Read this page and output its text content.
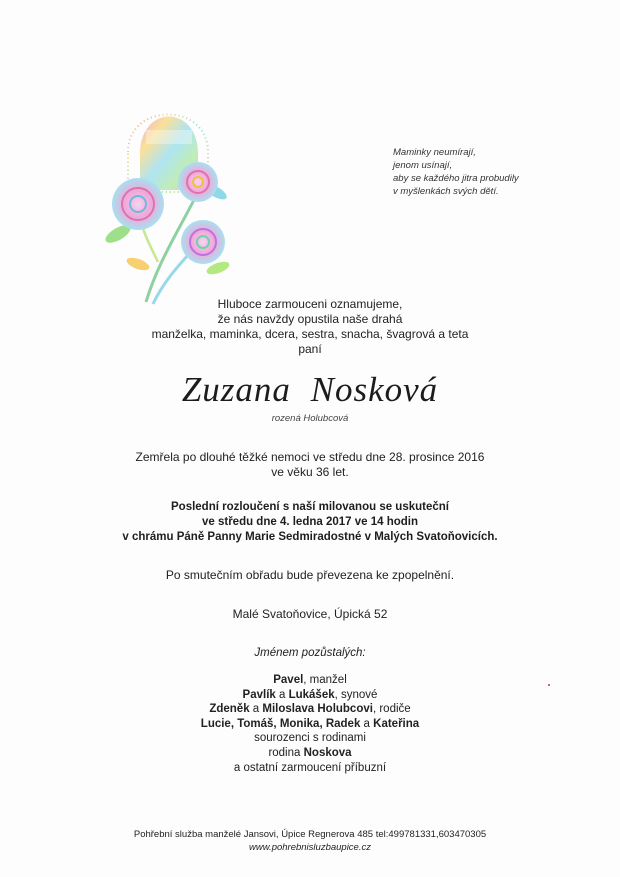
Maminky neumírají,
jenom usínají,
aby se každého jitra probudily
v myšlenkách svých dětí.
Hluboce zarmouceni oznamujeme,
že nás navždy opustila naše drahá
manželka, maminka, dcera, sestra, snacha, švagrová a teta
paní
Zuzana Nosková
rozená Holubcová
Zemřela po dlouhé těžké nemoci ve středu dne 28. prosince 2016
ve věku 36 let.
Poslední rozloučení s naší milovanou se uskuteční
ve středu dne 4. ledna 2017 ve 14 hodin
v chrámu Páně Panny Marie Sedmiradostné v Malých Svatoňovicích.
Po smutečním obřadu bude převezena ke zpopelnění.
Malé Svatoňovice, Úpická 52
Jménem pozůstalých:
Pavel, manžel
Pavlík a Lukášek, synové
Zdeněk a Miloslava Holubcovi, rodiče
Lucie, Tomáš, Monika, Radek a Kateřina
sourozenci s rodinami
rodina Noskova
a ostatní zarmoucení příbuzní
Pohřební služba manželé Jansovi, Úpice Regnerova 485 tel:499781331,603470305
www.pohrebnisluzbaupice.cz
